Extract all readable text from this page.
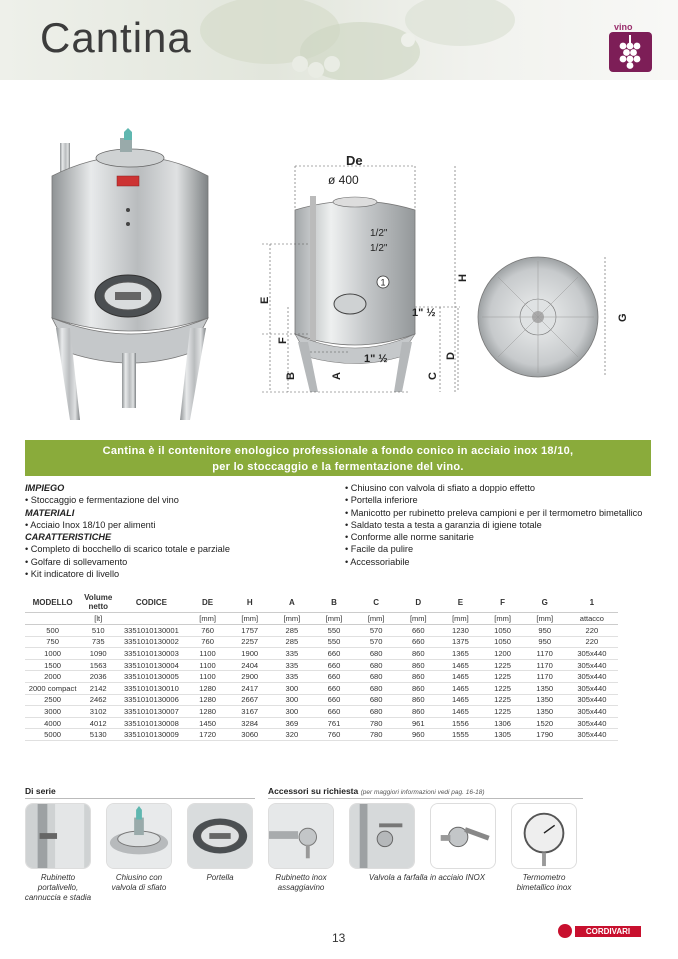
Cantina	vino
De
ø 400
1/2"
1/2"
1
1" ½
1" ½
E
F
B	A	C
D
H
G
Cantina è il contenitore enologico professionale a fondo conico in acciaio inox 18/10,
per lo stoccaggio e la fermentazione del vino.
IMPIEGO
• Stoccaggio e fermentazione del vino
MATERIALI
• Acciaio Inox 18/10 per alimenti
CARATTERISTICHE
• Completo di bocchello di scarico totale e parziale
• Golfare di sollevamento
• Kit indicatore di livello
• Chiusino con valvola di sfiato a doppio effetto
• Portella inferiore
• Manicotto per rubinetto preleva campioni e per il termometro bimetallico
• Saldato testa a testa a garanzia di igiene totale
• Conforme alle norme sanitarie
• Facile da pulire
• Accessoriabile
MODELLO	Volume netto	CODICE	DE	H	A	B	C	D	E	F	G	1
	[lt]		[mm]	[mm]	[mm]	[mm]	[mm]	[mm]	[mm]	[mm]	[mm]	attacco
500	510	3351010130001	760	1757	285	550	570	660	1230	1050	950	220
750	735	3351010130002	760	2257	285	550	570	660	1375	1050	950	220
1000	1090	3351010130003	1100	1900	335	660	680	860	1365	1200	1170	305x440
1500	1563	3351010130004	1100	2404	335	660	680	860	1465	1225	1170	305x440
2000	2036	3351010130005	1100	2900	335	660	680	860	1465	1225	1170	305x440
2000 compact	2142	3351010130010	1280	2417	300	660	680	860	1465	1225	1350	305x440
2500	2462	3351010130006	1280	2667	300	660	680	860	1465	1225	1350	305x440
3000	3102	3351010130007	1280	3167	300	660	680	860	1465	1225	1350	305x440
4000	4012	3351010130008	1450	3284	369	761	780	961	1556	1306	1520	305x440
5000	5130	3351010130009	1720	3060	320	760	780	960	1555	1305	1790	305x440
Di serie	Accessori su richiesta (per maggiori informazioni vedi pag. 16-18)
Rubinetto portalivello, cannuccia e stadia
Chiusino con valvola di sfiato
Portella	Rubinetto inox assaggiavino
Valvola a farfalla in acciaio INOX	Termometro bimetallico inox
13	CORDIVARI
